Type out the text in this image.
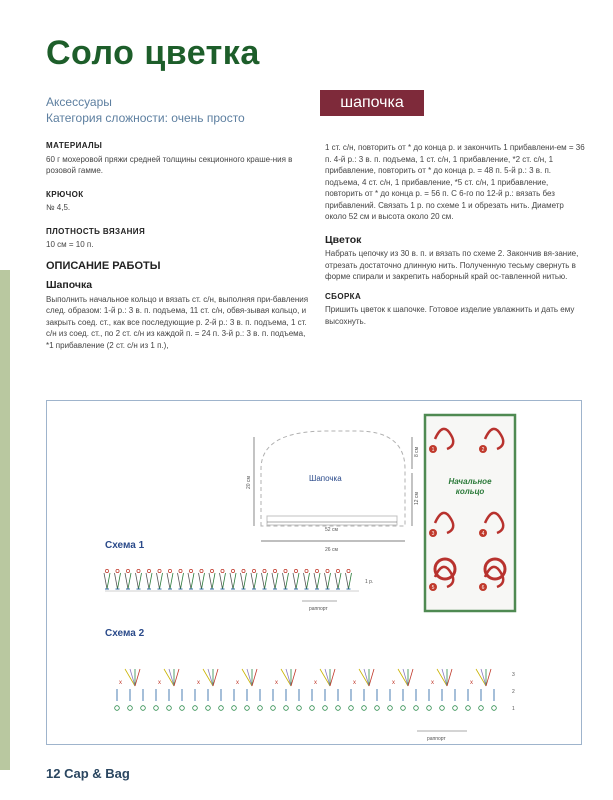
Соло цветка
Аксессуары
Категория сложности: очень просто
шапочка
МАТЕРИАЛЫ
60 г мохеровой пряжи средней толщины секционного краше-ния в розовой гамме.
КРЮЧОК
№ 4,5.
ПЛОТНОСТЬ ВЯЗАНИЯ
10 см = 10 п.
ОПИСАНИЕ РАБОТЫ
Шапочка
Выполнить начальное кольцо и вязать ст. с/н, выполняя при-бавления след. образом: 1-й р.: 3 в. п. подъема, 11 ст. с/н, обвя-зывая кольцо, и закрыть соед. ст., как все последующие р. 2-й р.: 3 в. п. подъема, 1 ст. с/н из соед. ст., по 2 ст. с/н из каждой п. = 24 п. 3-й р.: 3 в. п. подъема, *1 прибавление (2 ст. с/н из 1 п.),
1 ст. с/н, повторить от * до конца р. и закончить 1 прибавлени-ем = 36 п. 4-й р.: 3 в. п. подъема, 1 ст. с/н, 1 прибавление, *2 ст. с/н, 1 прибавление, повторить от * до конца р. = 48 п. 5-й р.: 3 в. п. подъема, 4 ст. с/н, 1 прибавление, *5 ст. с/н, 1 прибавление, повторить от * до конца р. = 56 п. С 6-го по 12-й р.: вязать без прибавлений. Связать 1 р. по схеме 1 и обрезать нить. Диаметр около 52 см и высота около 20 см.
Цветок
Набрать цепочку из 30 в. п. и вязать по схеме 2. Закончив вя-зание, отрезать достаточно длинную нить. Полученную тесьму свернуть в форме спирали и закрепить наборный край ос-тавленной нитью.
СБОРКА
Пришить цветок к шапочке. Готовое изделие увлажнить и дать ему высохнуть.
Шапочка
20 см
52 см
26 см
8 см
12 см
Схема 1
1 р.
раппорт
Схема 2
x	x	x	x	x	x	x	x	x	x
3
2
1
раппорт
Начальное
кольцо
1	2
3	4
5	6
12 Cap & Bag
